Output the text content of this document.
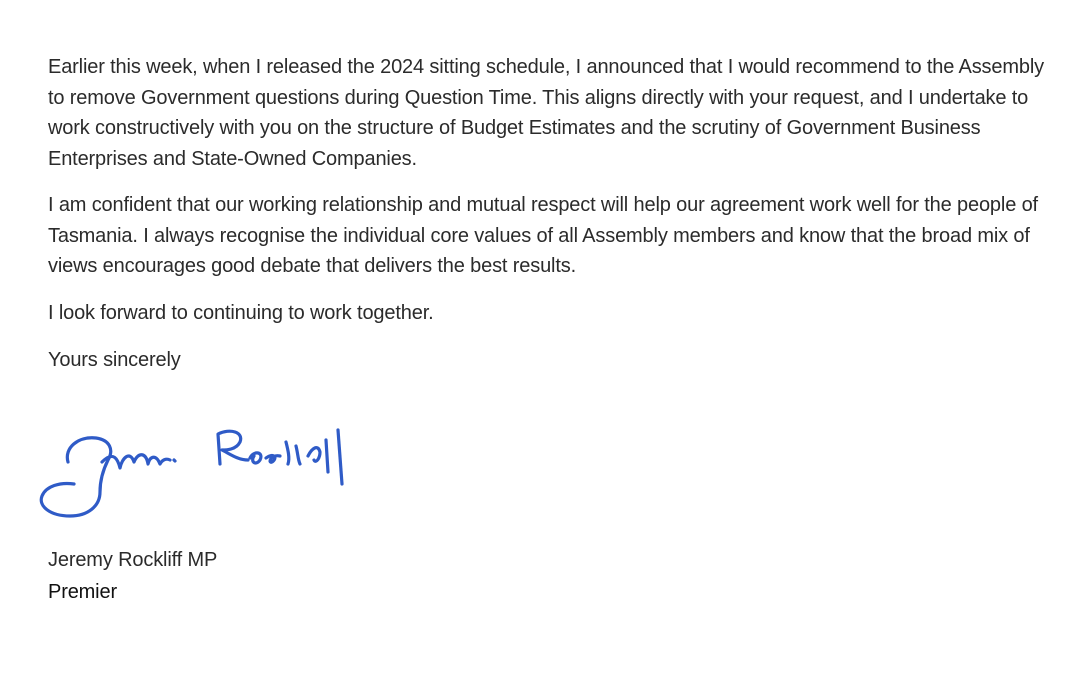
Earlier this week, when I released the 2024 sitting schedule, I announced that I would recommend to the Assembly to remove Government questions during Question Time. This aligns directly with your request, and I undertake to work constructively with you on the structure of Budget Estimates and the scrutiny of Government Business Enterprises and State-Owned Companies.

I am confident that our working relationship and mutual respect will help our agreement work well for the people of Tasmania. I always recognise the individual core values of all Assembly members and know that the broad mix of views encourages good debate that delivers the best results.

I look forward to continuing to work together.

Yours sincerely

Jeremy Rockliff MP
Premier
